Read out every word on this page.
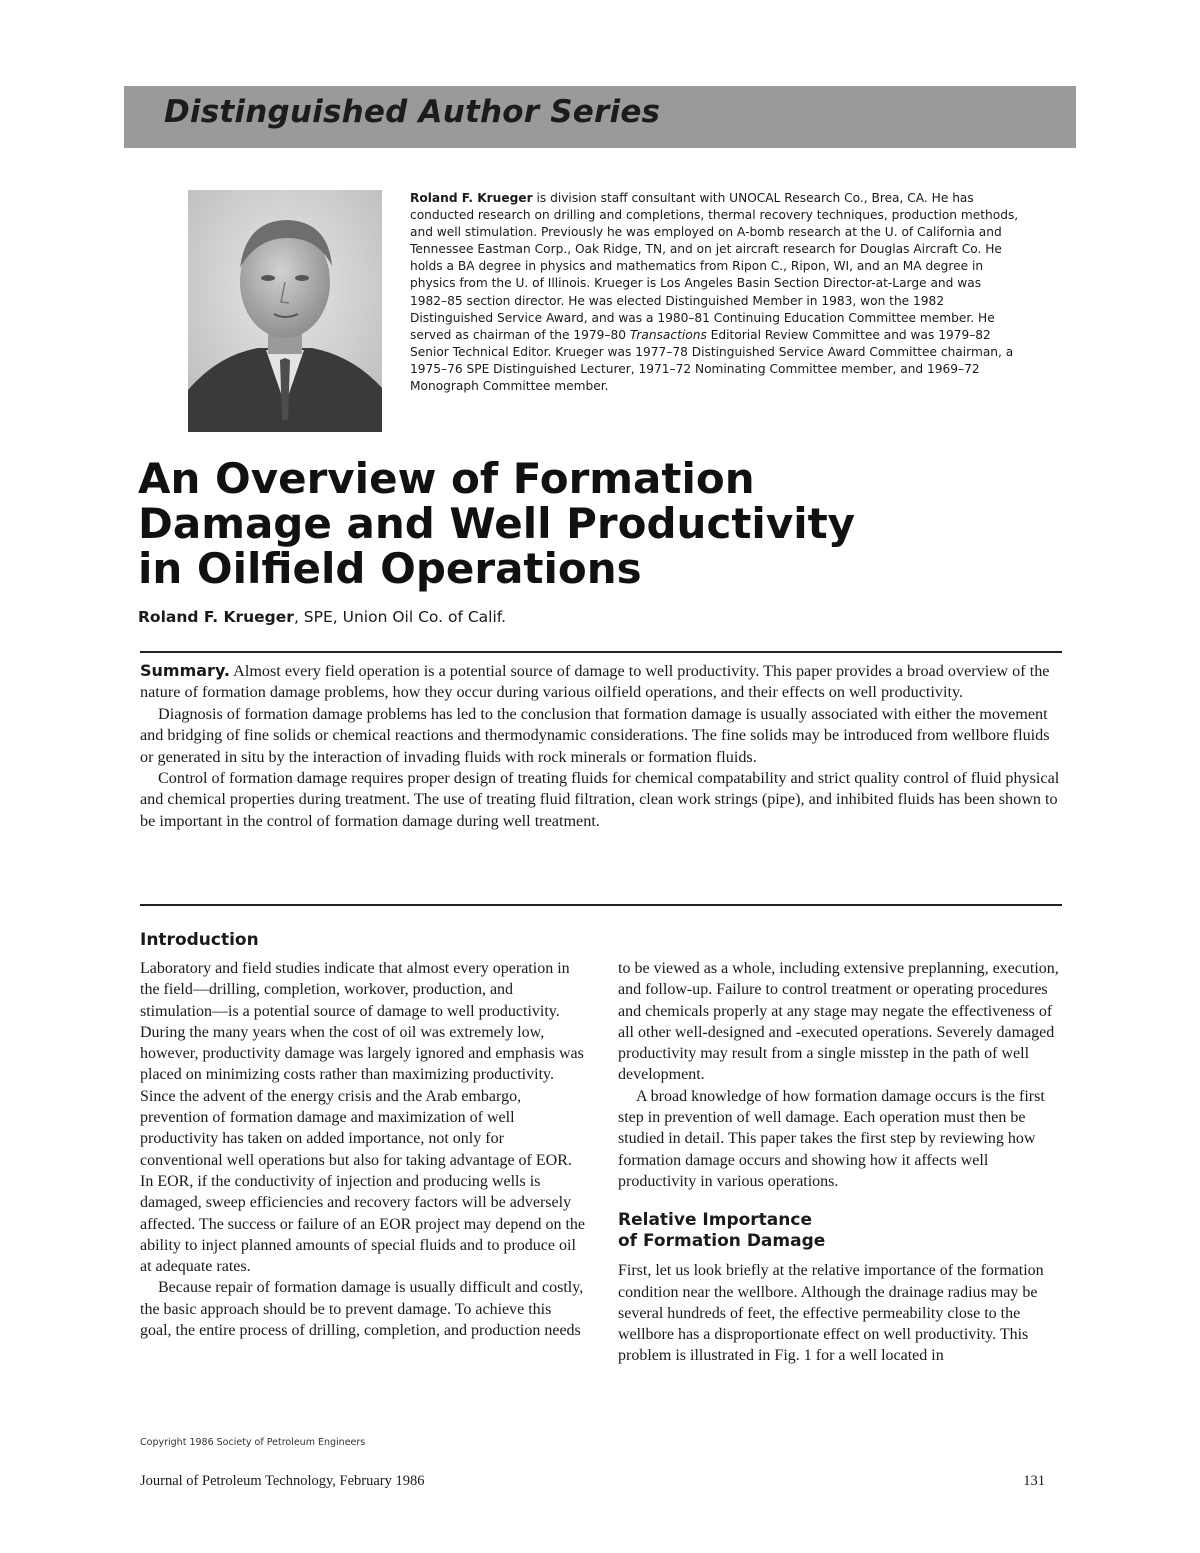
Distinguished Author Series
Roland F. Krueger is division staff consultant with UNOCAL Research Co., Brea, CA. He has conducted research on drilling and completions, thermal recovery techniques, production methods, and well stimulation. Previously he was employed on A-bomb research at the U. of California and Tennessee Eastman Corp., Oak Ridge, TN, and on jet aircraft research for Douglas Aircraft Co. He holds a BA degree in physics and mathematics from Ripon C., Ripon, WI, and an MA degree in physics from the U. of Illinois. Krueger is Los Angeles Basin Section Director-at-Large and was 1982–85 section director. He was elected Distinguished Member in 1983, won the 1982 Distinguished Service Award, and was a 1980–81 Continuing Education Committee member. He served as chairman of the 1979–80 Transactions Editorial Review Committee and was 1979–82 Senior Technical Editor. Krueger was 1977–78 Distinguished Service Award Committee chairman, a 1975–76 SPE Distinguished Lecturer, 1971–72 Nominating Committee member, and 1969–72 Monograph Committee member.
An Overview of Formation
Damage and Well Productivity
in Oilfield Operations
Roland F. Krueger, SPE, Union Oil Co. of Calif.

Summary. Almost every field operation is a potential source of damage to well productivity. This paper provides a broad overview of the nature of formation damage problems, how they occur during various oilfield operations, and their effects on well productivity.

Diagnosis of formation damage problems has led to the conclusion that formation damage is usually associated with either the movement and bridging of fine solids or chemical reactions and thermodynamic considerations. The fine solids may be introduced from wellbore fluids or generated in situ by the interaction of invading fluids with rock minerals or formation fluids.

Control of formation damage requires proper design of treating fluids for chemical compatability and strict quality control of fluid physical and chemical properties during treatment. The use of treating fluid filtration, clean work strings (pipe), and inhibited fluids has been shown to be important in the control of formation damage during well treatment.

Introduction

Laboratory and field studies indicate that almost every operation in the field—drilling, completion, workover, production, and stimulation—is a potential source of damage to well productivity. During the many years when the cost of oil was extremely low, however, productivity damage was largely ignored and emphasis was placed on minimizing costs rather than maximizing productivity. Since the advent of the energy crisis and the Arab embargo, prevention of formation damage and maximization of well productivity has taken on added importance, not only for conventional well operations but also for taking advantage of EOR. In EOR, if the conductivity of injection and producing wells is damaged, sweep efficiencies and recovery factors will be adversely affected. The success or failure of an EOR project may depend on the ability to inject planned amounts of special fluids and to produce oil at adequate rates.

Because repair of formation damage is usually difficult and costly, the basic approach should be to prevent damage. To achieve this goal, the entire process of drilling, completion, and production needs

to be viewed as a whole, including extensive preplanning, execution, and follow-up. Failure to control treatment or operating procedures and chemicals properly at any stage may negate the effectiveness of all other well-designed and -executed operations. Severely damaged productivity may result from a single misstep in the path of well development.

A broad knowledge of how formation damage occurs is the first step in prevention of well damage. Each operation must then be studied in detail. This paper takes the first step by reviewing how formation damage occurs and showing how it affects well productivity in various operations.

Relative Importance
of Formation Damage

First, let us look briefly at the relative importance of the formation condition near the wellbore. Although the drainage radius may be several hundreds of feet, the effective permeability close to the wellbore has a disproportionate effect on well productivity. This problem is illustrated in Fig. 1 for a well located in

Copyright 1986 Society of Petroleum Engineers
Journal of Petroleum Technology, February 1986	131
